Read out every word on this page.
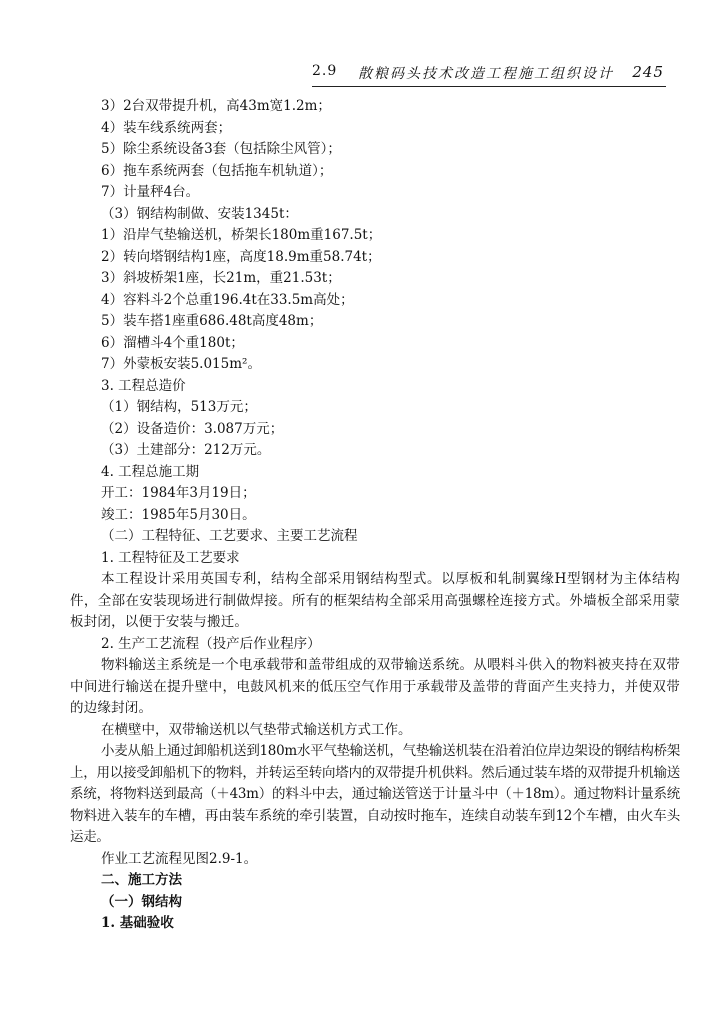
2.9 散粮码头技术改造工程施工组织设计 245
3）2台双带提升机，高43m宽1.2m；
4）装车线系统两套；
5）除尘系统设备3套（包括除尘风管）；
6）拖车系统两套（包括拖车机轨道）；
7）计量秤4台。
（3）钢结构制做、安装1345t：
1）沿岸气垫输送机，桥架长180m重167.5t；
2）转向塔钢结构1座，高度18.9m重58.74t；
3）斜坡桥架1座，长21m，重21.53t；
4）容料斗2个总重196.4t在33.5m高处；
5）装车搭1座重686.48t高度48m；
6）溜槽斗4个重180t；
7）外蒙板安装5.015m²。
3. 工程总造价
（1）钢结构，513万元；
（2）设备造价：3.087万元；
（3）土建部分：212万元。
4. 工程总施工期
开工：1984年3月19日；
竣工：1985年5月30日。
（二）工程特征、工艺要求、主要工艺流程
1. 工程特征及工艺要求

本工程设计采用英国专利，结构全部采用钢结构型式。以厚板和轧制翼缘H型钢材为主体结构件，全部在安装现场进行制做焊接。所有的框架结构全部采用高强螺栓连接方式。外墙板全部采用蒙板封闭，以便于安装与搬迁。

2. 生产工艺流程（投产后作业程序）

物料输送主系统是一个电承载带和盖带组成的双带输送系统。从喂料斗供入的物料被夹持在双带中间进行输送在提升壁中，电鼓风机来的低压空气作用于承载带及盖带的背面产生夹持力，并使双带的边缘封闭。

在横壁中，双带输送机以气垫带式输送机方式工作。

小麦从船上通过卸船机送到180m水平气垫输送机，气垫输送机装在沿着泊位岸边架设的钢结构桥架上，用以接受卸船机下的物料，并转运至转向塔内的双带提升机供料。然后通过装车塔的双带提升机输送系统，将物料送到最高（＋43m）的料斗中去，通过输送管送于计量斗中（＋18m）。通过物料计量系统物料进入装车的车槽，再由装车系统的牵引装置，自动按时拖车，连续自动装车到12个车槽，由火车头运走。

作业工艺流程见图2.9-1。
二、施工方法
（一）钢结构
1. 基础验收
